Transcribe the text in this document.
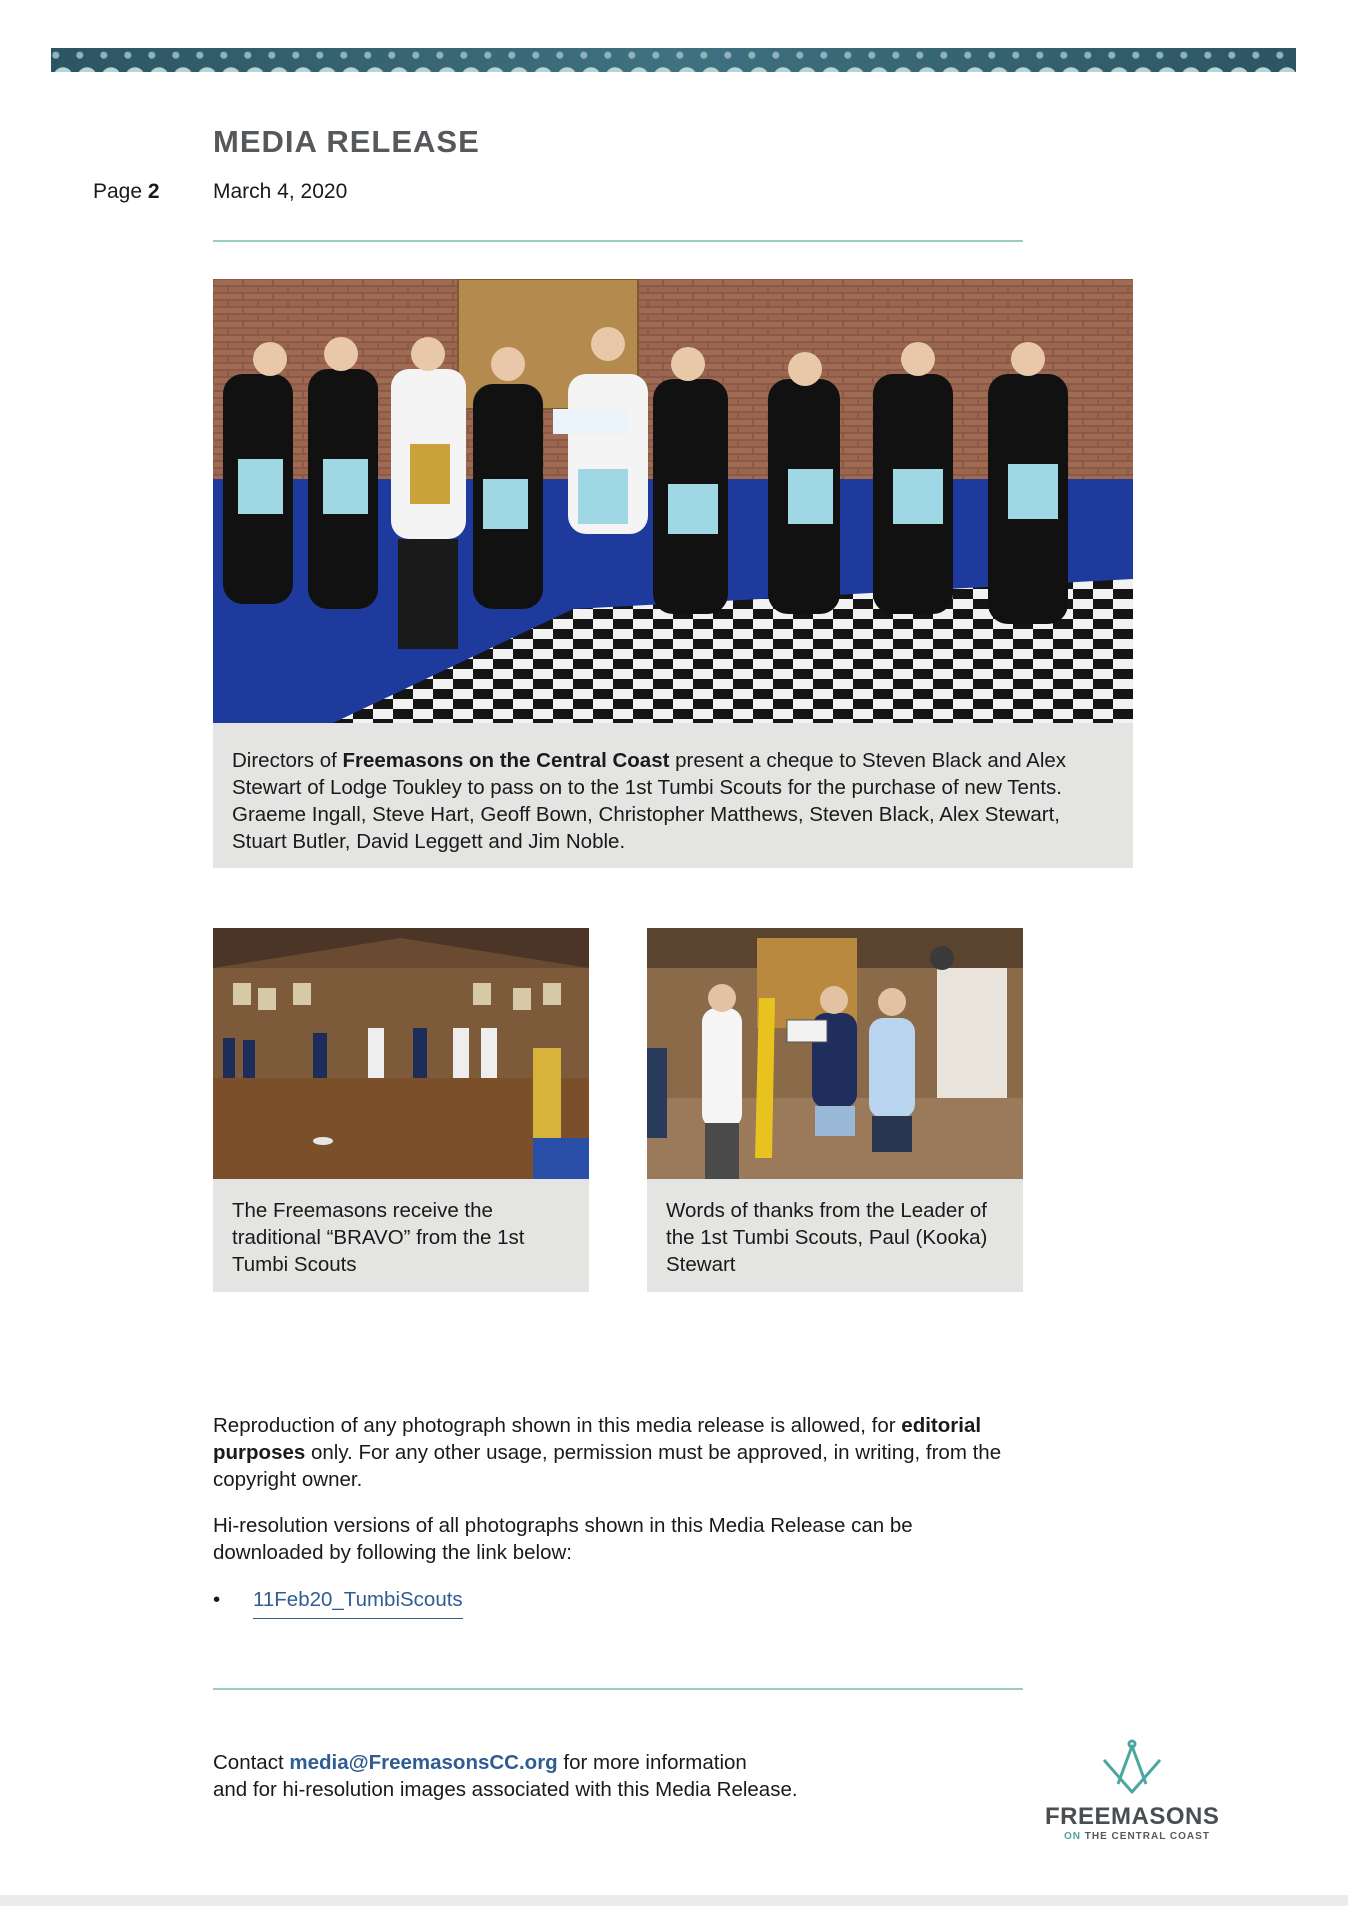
MEDIA RELEASE
Page 2	March 4, 2020
Directors of Freemasons on the Central Coast present a cheque to Steven Black and Alex Stewart of Lodge Toukley to pass on to the 1st Tumbi Scouts for the purchase of new Tents. Graeme Ingall, Steve Hart, Geoff Bown, Christopher Matthews, Steven Black, Alex Stewart, Stuart Butler, David Leggett and Jim Noble.
The Freemasons receive the traditional “BRAVO” from the 1st Tumbi Scouts
Words of thanks from the Leader of the 1st Tumbi Scouts, Paul (Kooka) Stewart
Reproduction of any photograph shown in this media release is allowed, for editorial purposes only. For any other usage, permission must be approved, in writing, from the copyright owner.
Hi-resolution versions of all photographs shown in this Media Release can be downloaded by following the link below:
• 11Feb20_TumbiScouts
Contact media@FreemasonsCC.org for more information
and for hi-resolution images associated with this Media Release.
FREEMASONS
ON THE CENTRAL COAST
